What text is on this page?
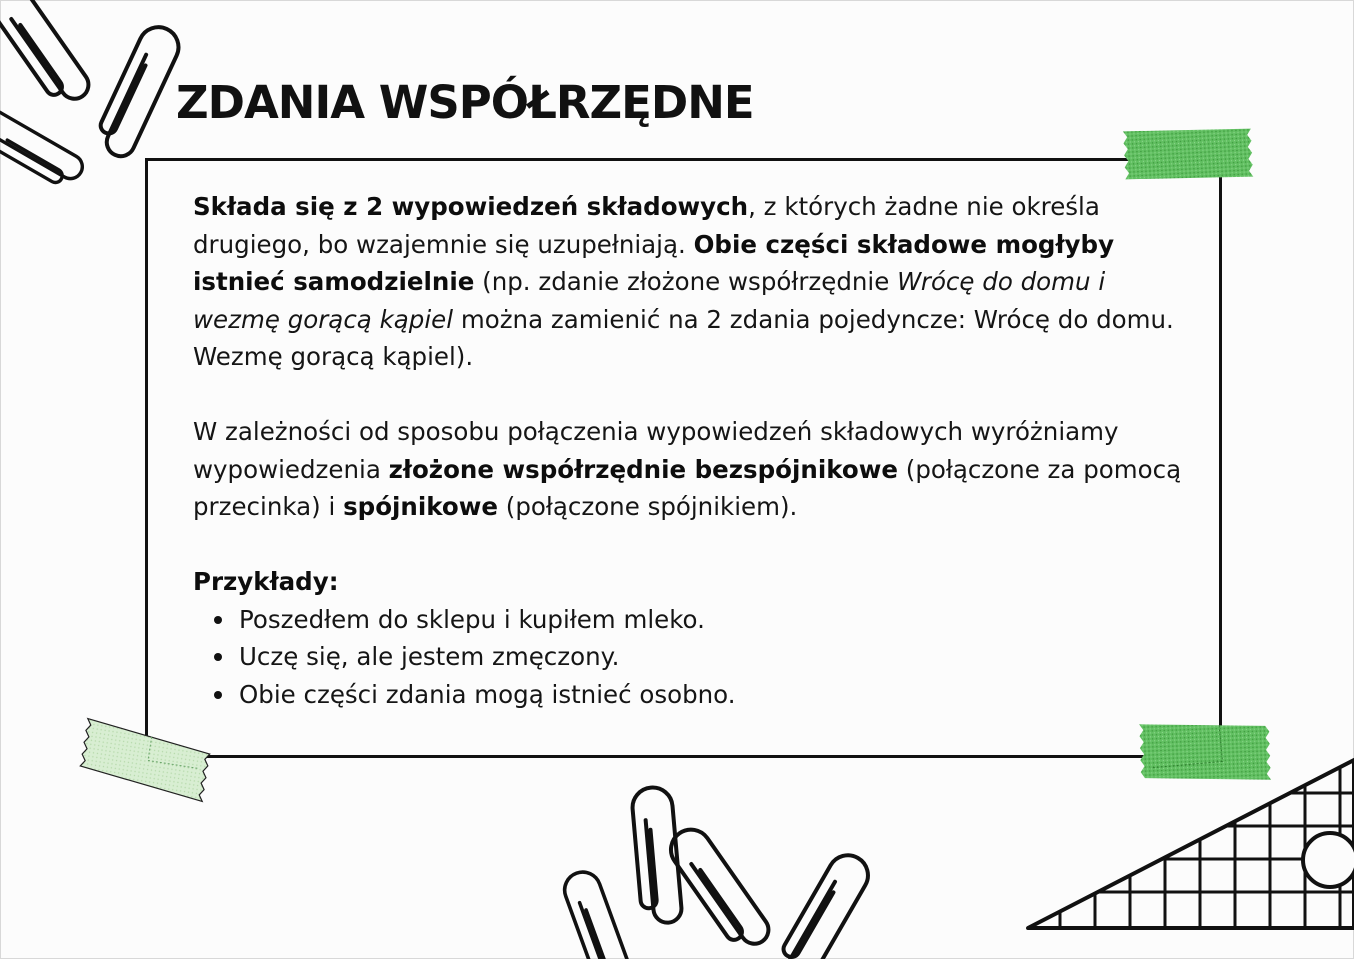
ZDANIA WSPÓŁRZĘDNE

Składa się z 2 wypowiedzeń składowych, z których żadne nie określa drugiego, bo wzajemnie się uzupełniają. Obie części składowe mogłyby istnieć samodzielnie (np. zdanie złożone współrzędnie Wrócę do domu i wezmę gorącą kąpiel można zamienić na 2 zdania pojedyncze: Wrócę do domu. Wezmę gorącą kąpiel).

W zależności od sposobu połączenia wypowiedzeń składowych wyróżniamy wypowiedzenia złożone współrzędnie bezspójnikowe (połączone za pomocą przecinka) i spójnikowe (połączone spójnikiem).

Przykłady:

Poszedłem do sklepu i kupiłem mleko.
Uczę się, ale jestem zmęczony.
Obie części zdania mogą istnieć osobno.
